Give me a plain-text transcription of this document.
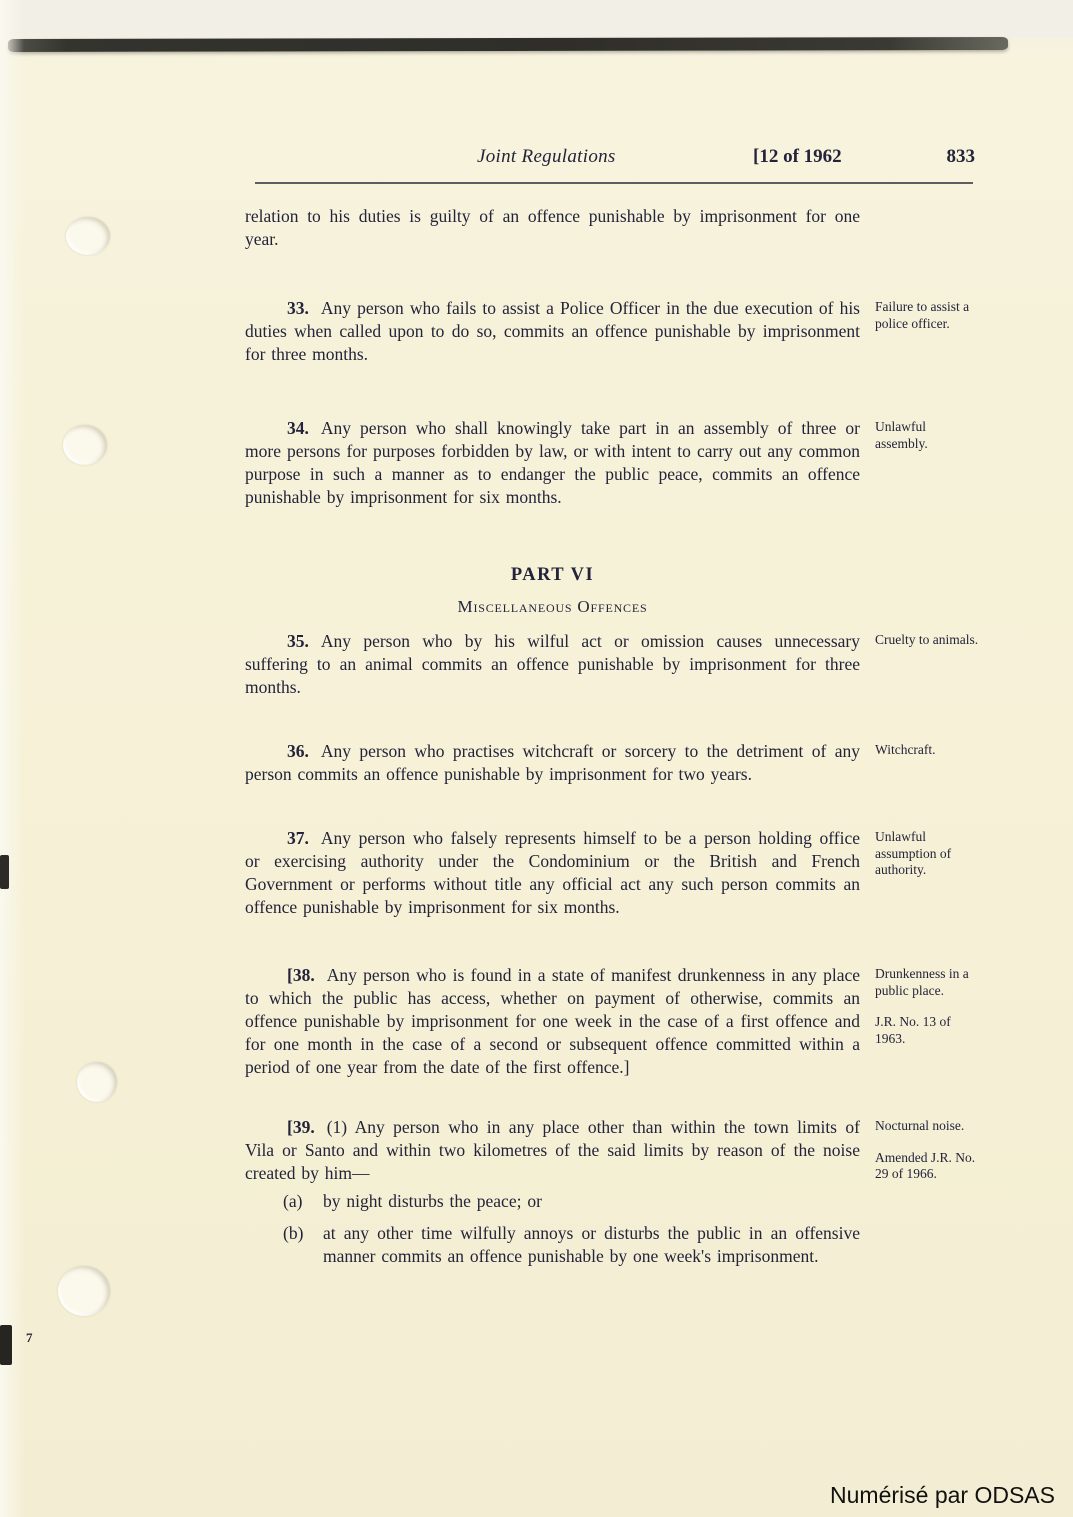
7
Joint Regulations	[12 of 1962	833

relation to his duties is guilty of an offence punishable by imprisonment for one year.

33. Any person who fails to assist a Police Officer in the due execution of his duties when called upon to do so, commits an offence punishable by imprisonment for three months.

Failure to assist a police officer.

34. Any person who shall knowingly take part in an assembly of three or more persons for purposes forbidden by law, or with intent to carry out any common purpose in such a manner as to endanger the public peace, commits an offence punishable by imprisonment for six months.

Unlawful assembly.
PART VI
Miscellaneous Offences

35. Any person who by his wilful act or omission causes unnecessary suffering to an animal commits an offence punishable by imprisonment for three months.

Cruelty to animals.

36. Any person who practises witchcraft or sorcery to the detriment of any person commits an offence punishable by imprisonment for two years.

Witchcraft.

37. Any person who falsely represents himself to be a person holding office or exercising authority under the Condominium or the British and French Government or performs without title any official act any such person commits an offence punishable by imprisonment for six months.

Unlawful assumption of authority.

[38. Any person who is found in a state of manifest drunkenness in any place to which the public has access, whether on payment of otherwise, commits an offence punishable by imprisonment for one week in the case of a first offence and for one month in the case of a second or subsequent offence committed within a period of one year from the date of the first offence.]

Drunkenness in a public place.
J.R. No. 13 of 1963.

[39. (1) Any person who in any place other than within the town limits of Vila or Santo and within two kilometres of the said limits by reason of the noise created by him—

(a) by night disturbs the peace; or

(b) at any other time wilfully annoys or disturbs the public in an offensive manner commits an offence punishable by one week's imprisonment.

Nocturnal noise.
Amended J.R. No. 29 of 1966.
Numérisé par ODSAS
